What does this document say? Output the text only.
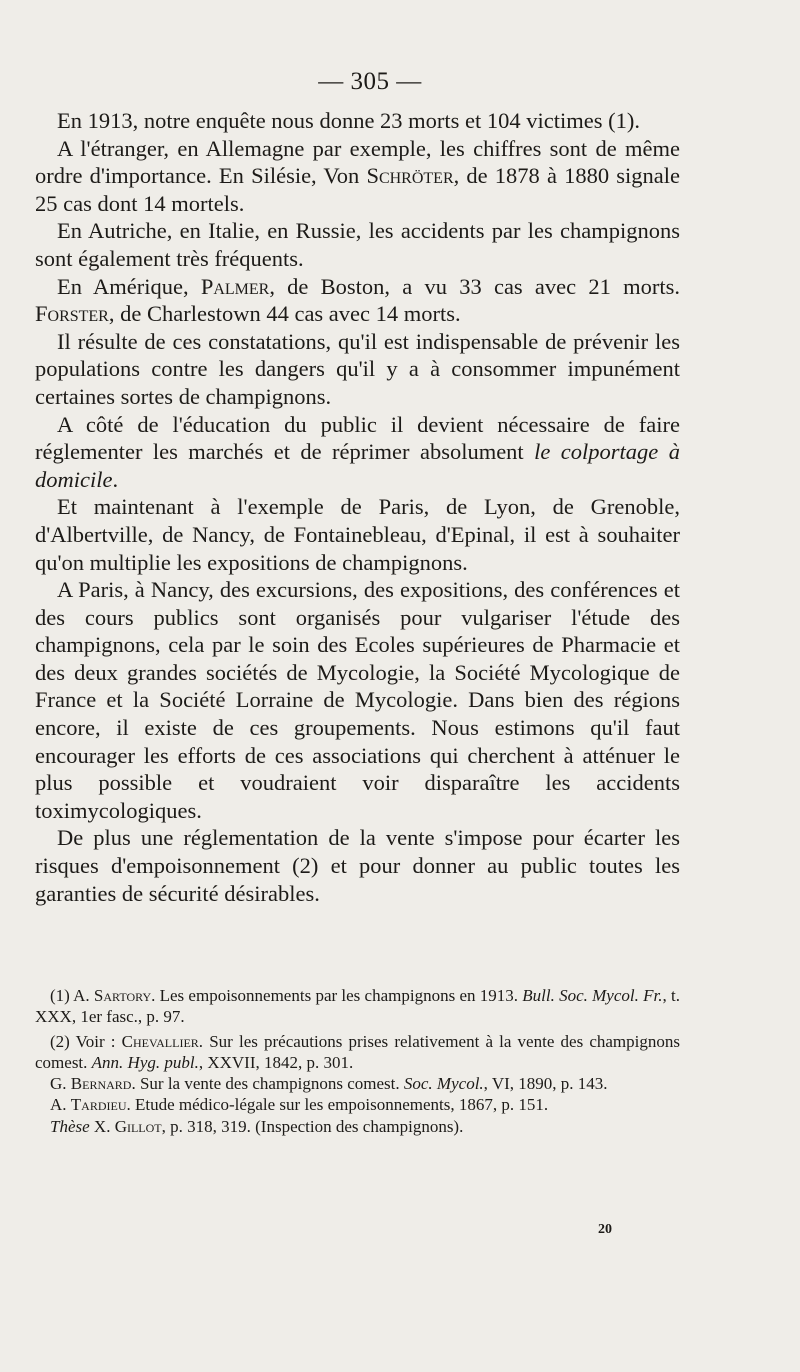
— 305 —

En 1913, notre enquête nous donne 23 morts et 104 victimes (1).

A l'étranger, en Allemagne par exemple, les chiffres sont de même ordre d'importance. En Silésie, Von Schröter, de 1878 à 1880 signale 25 cas dont 14 mortels.

En Autriche, en Italie, en Russie, les accidents par les champignons sont également très fréquents.

En Amérique, Palmer, de Boston, a vu 33 cas avec 21 morts. Forster, de Charlestown 44 cas avec 14 morts.

Il résulte de ces constatations, qu'il est indispensable de prévenir les populations contre les dangers qu'il y a à consommer impunément certaines sortes de champignons.

A côté de l'éducation du public il devient nécessaire de faire réglementer les marchés et de réprimer absolument le colportage à domicile.

Et maintenant à l'exemple de Paris, de Lyon, de Grenoble, d'Albertville, de Nancy, de Fontainebleau, d'Epinal, il est à souhaiter qu'on multiplie les expositions de champignons.

A Paris, à Nancy, des excursions, des expositions, des conférences et des cours publics sont organisés pour vulgariser l'étude des champignons, cela par le soin des Ecoles supérieures de Pharmacie et des deux grandes sociétés de Mycologie, la Société Mycologique de France et la Société Lorraine de Mycologie. Dans bien des régions encore, il existe de ces groupements. Nous estimons qu'il faut encourager les efforts de ces associations qui cherchent à atténuer le plus possible et voudraient voir disparaître les accidents toximycologiques.

De plus une réglementation de la vente s'impose pour écarter les risques d'empoisonnement (2) et pour donner au public toutes les garanties de sécurité désirables.

(1) A. Sartory. Les empoisonnements par les champignons en 1913. Bull. Soc. Mycol. Fr., t. XXX, 1er fasc., p. 97.

(2) Voir : Chevallier. Sur les précautions prises relativement à la vente des champignons comest. Ann. Hyg. publ., XXVII, 1842, p. 301.

G. Bernard. Sur la vente des champignons comest. Soc. Mycol., VI, 1890, p. 143.

A. Tardieu. Etude médico-légale sur les empoisonnements, 1867, p. 151.

Thèse X. Gillot, p. 318, 319. (Inspection des champignons).

20
